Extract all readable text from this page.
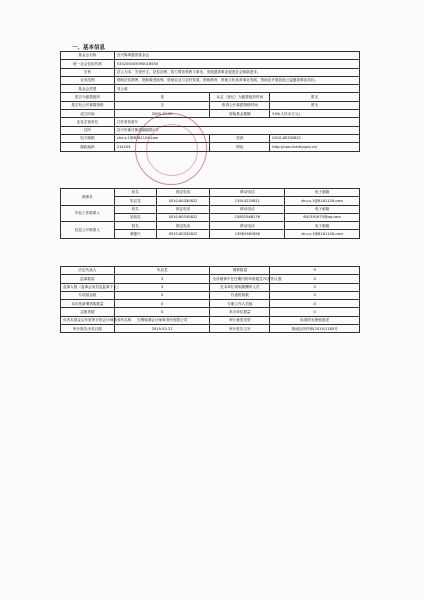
一、基本信息
基金会名称	宜兴陈埠慈善基金会		
统一社会信用代码	53320000509001653X		
宗旨	扶人为本、关爱民生，扶贫济困、智力帮扶科教与事务，发展慈善事业促进社会和谐进步。		
业务范围	资助扶贫帮困、资助敬老助残、资助农业与农村发展、资助教育、资助文化体育事业发展，资助及开展其他公益慈善事业项目。		
基金会类型	非公募		
是否为慈善组织	是	认定（登记）为慈善组织时间	暂无
是否有公开募捐资格	否	取得公开募捐资格时间	暂无
成立时间	2009-10-09	原始基金数额	500(人民币万元)
业务主管单位	江苏省民政厅		
住所	宜兴市新庄街道湖滨路1号		
电子邮箱	zhu-s-1@8161126.com	传真	0510-80330821
邮政编码	214204	网址	http://npo.charity.gov.cn/
理事长	姓名	固定电话	移动电话	电子邮箱
	朱双龙	0510-80330822	13914220811	zhu-s-1@8161126.com
年检工作联系人	姓名	固定电话	移动电话	电子邮箱
	吴莉花	0510-80330822	15852568276	641391675@qq.com
信息公开联系人	姓名	固定电话	移动电话	电子邮箱
	黄德兴	0510-80330822	13961961656	zhu-s-1@8161126.com
法定代表人	朱双龙	理事数量	9
监事数量	3	全体理事中在任期内的年龄超过70岁的人数	0
监事人数（监事会成员及监事个人）	3	在本单位领取薪酬的人员	0
专项基金数	0	代表机构数	0
本年度新增机构数量	0	专职工作人员数	4
志愿者数	0	举办单位数量	0
负责本基金会年度审计的会计师事务所名称	无锡瑞诚会计师事务所有限公司	审计意见类型	标准的无保留意见
审计报告出具日期	2019-03-27	审计报告文号	瑞诚会所内审(2019)1185号
